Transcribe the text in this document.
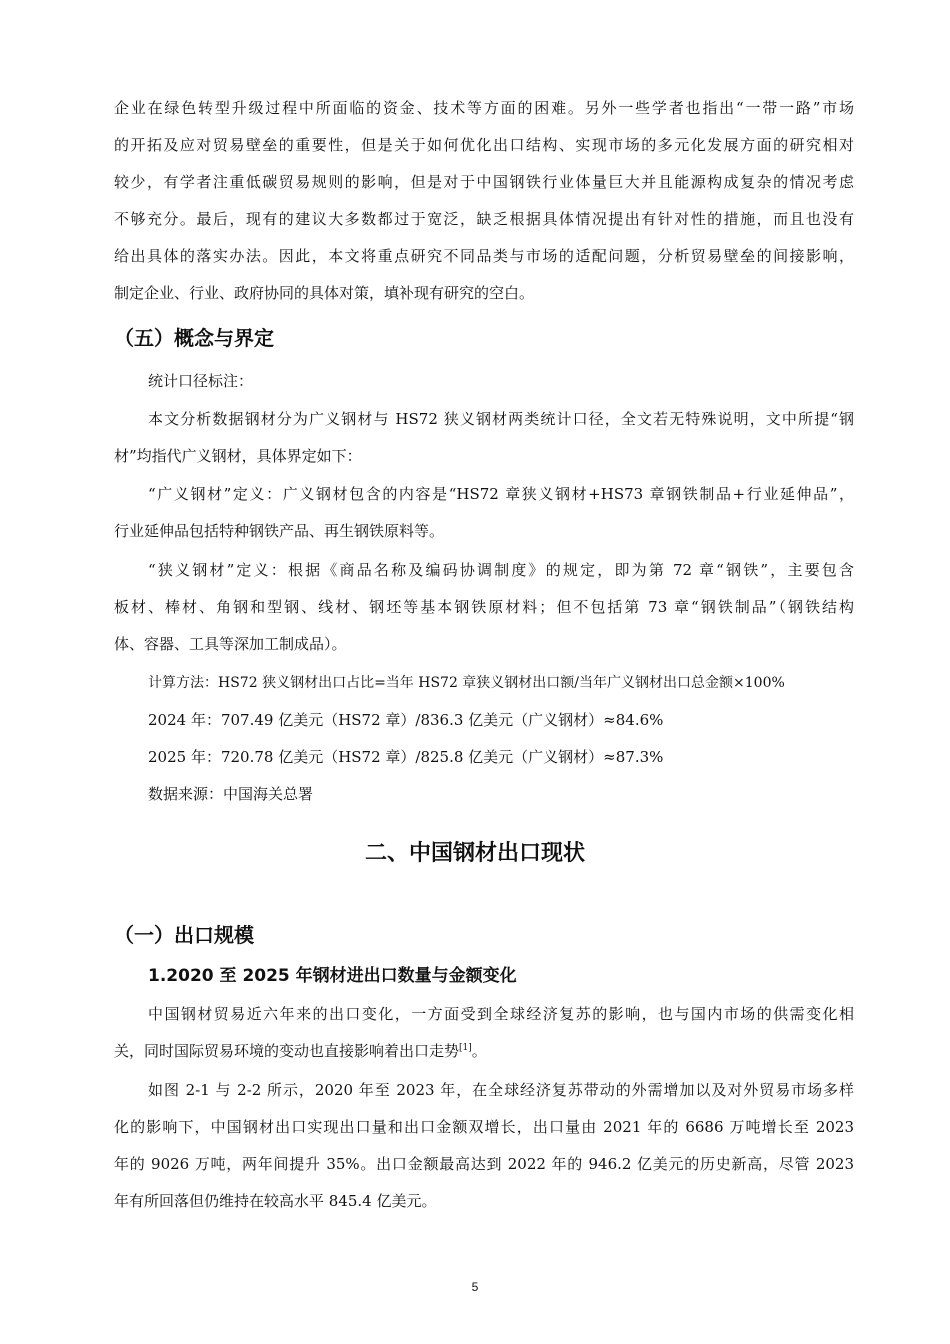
企业在绿色转型升级过程中所面临的资金、技术等方面的困难。另外一些学者也指出“一带一路”市场
的开拓及应对贸易壁垒的重要性，但是关于如何优化出口结构、实现市场的多元化发展方面的研究相对
较少，有学者注重低碳贸易规则的影响，但是对于中国钢铁行业体量巨大并且能源构成复杂的情况考虑
不够充分。最后，现有的建议大多数都过于宽泛，缺乏根据具体情况提出有针对性的措施，而且也没有
给出具体的落实办法。因此，本文将重点研究不同品类与市场的适配问题，分析贸易壁垒的间接影响，
制定企业、行业、政府协同的具体对策，填补现有研究的空白。
（五）概念与界定
统计口径标注：
本文分析数据钢材分为广义钢材与 HS72 狭义钢材两类统计口径，全文若无特殊说明，文中所提“钢
材”均指代广义钢材，具体界定如下：
“广义钢材”定义：广义钢材包含的内容是“HS72 章狭义钢材+HS73 章钢铁制品+行业延伸品”，
行业延伸品包括特种钢铁产品、再生钢铁原料等。
“狭义钢材”定义：根据《商品名称及编码协调制度》的规定，即为第 72 章“钢铁”，主要包含
板材、棒材、角钢和型钢、线材、钢坯等基本钢铁原材料；但不包括第 73 章“钢铁制品”（钢铁结构
体、容器、工具等深加工制成品）。
计算方法：HS72 狭义钢材出口占比=当年 HS72 章狭义钢材出口额/当年广义钢材出口总金额×100%
2024 年：707.49 亿美元（HS72 章）/836.3 亿美元（广义钢材）≈84.6%
2025 年：720.78 亿美元（HS72 章）/825.8 亿美元（广义钢材）≈87.3%
数据来源：中国海关总署
二、中国钢材出口现状
（一）出口规模
1.2020 至 2025 年钢材进出口数量与金额变化
中国钢材贸易近六年来的出口变化，一方面受到全球经济复苏的影响，也与国内市场的供需变化相
关，同时国际贸易环境的变动也直接影响着出口走势[1]。
如图 2-1 与 2-2 所示，2020 年至 2023 年，在全球经济复苏带动的外需增加以及对外贸易市场多样
化的影响下，中国钢材出口实现出口量和出口金额双增长，出口量由 2021 年的 6686 万吨增长至 2023
年的 9026 万吨，两年间提升 35%。出口金额最高达到 2022 年的 946.2 亿美元的历史新高，尽管 2023
年有所回落但仍维持在较高水平 845.4 亿美元。
5
